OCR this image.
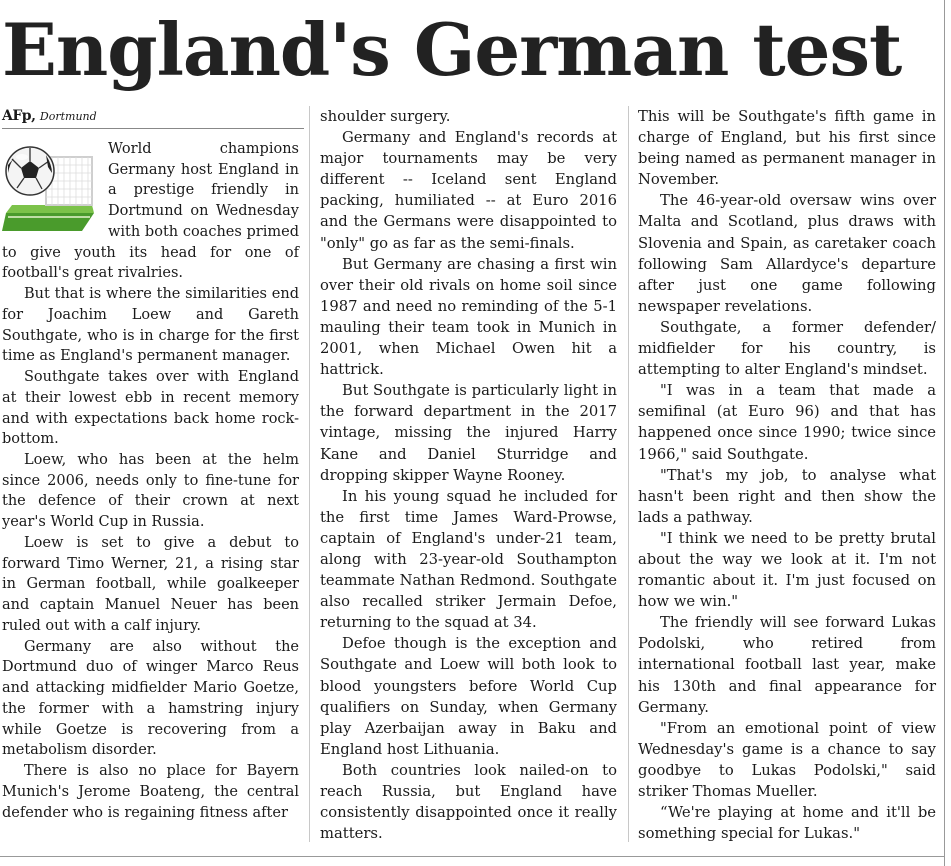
England's German test
AFp, Dortmund

World champions Germany host England in a prestige friendly in Dortmund on Wednesday with both coaches primed to give youth its head for one of football's great rivalries.

But that is where the similarities end for Joachim Loew and Gareth Southgate, who is in charge for the first time as England's permanent manager.

Southgate takes over with England at their lowest ebb in recent memory and with expectations back home rock-bottom.

Loew, who has been at the helm since 2006, needs only to fine-tune for the defence of their crown at next year's World Cup in Russia.

Loew is set to give a debut to forward Timo Werner, 21, a rising star in German football, while goalkeeper and captain Manuel Neuer has been ruled out with a calf injury.

Germany are also without the Dortmund duo of winger Marco Reus and attacking midfielder Mario Goetze, the former with a hamstring injury while Goetze is recovering from a metabolism disorder.

There is also no place for Bayern Munich's Jerome Boateng, the central defender who is regaining fitness after

shoulder surgery.

Germany and England's records at major tournaments may be very different -- Iceland sent England packing, humiliated -- at Euro 2016 and the Germans were disappointed to "only" go as far as the semi-finals.

But Germany are chasing a first win over their old rivals on home soil since 1987 and need no reminding of the 5-1 mauling their team took in Munich in 2001, when Michael Owen hit a hattrick.

But Southgate is particularly light in the forward department in the 2017 vintage, missing the injured Harry Kane and Daniel Sturridge and dropping skipper Wayne Rooney.

In his young squad he included for the first time James Ward-Prowse, captain of England's under-21 team, along with 23-year-old Southampton teammate Nathan Redmond. Southgate also recalled striker Jermain Defoe, returning to the squad at 34.

Defoe though is the exception and Southgate and Loew will both look to blood youngsters before World Cup qualifiers on Sunday, when Germany play Azerbaijan away in Baku and England host Lithuania.

Both countries look nailed-on to reach Russia, but England have consistently disappointed once it really matters.

This will be Southgate's fifth game in charge of England, but his first since being named as permanent manager in November.

The 46-year-old oversaw wins over Malta and Scotland, plus draws with Slovenia and Spain, as caretaker coach following Sam Allardyce's departure after just one game following newspaper revelations.

Southgate, a former defender/ midfielder for his country, is attempting to alter England's mindset.

"I was in a team that made a semifinal (at Euro 96) and that has happened once since 1990; twice since 1966," said Southgate.

"That's my job, to analyse what hasn't been right and then show the lads a pathway.

"I think we need to be pretty brutal about the way we look at it. I'm not romantic about it. I'm just focused on how we win."

The friendly will see forward Lukas Podolski, who retired from international football last year, make his 130th and final appearance for Germany.

"From an emotional point of view Wednesday's game is a chance to say goodbye to Lukas Podolski," said striker Thomas Mueller.

“We're playing at home and it'll be something special for Lukas."
